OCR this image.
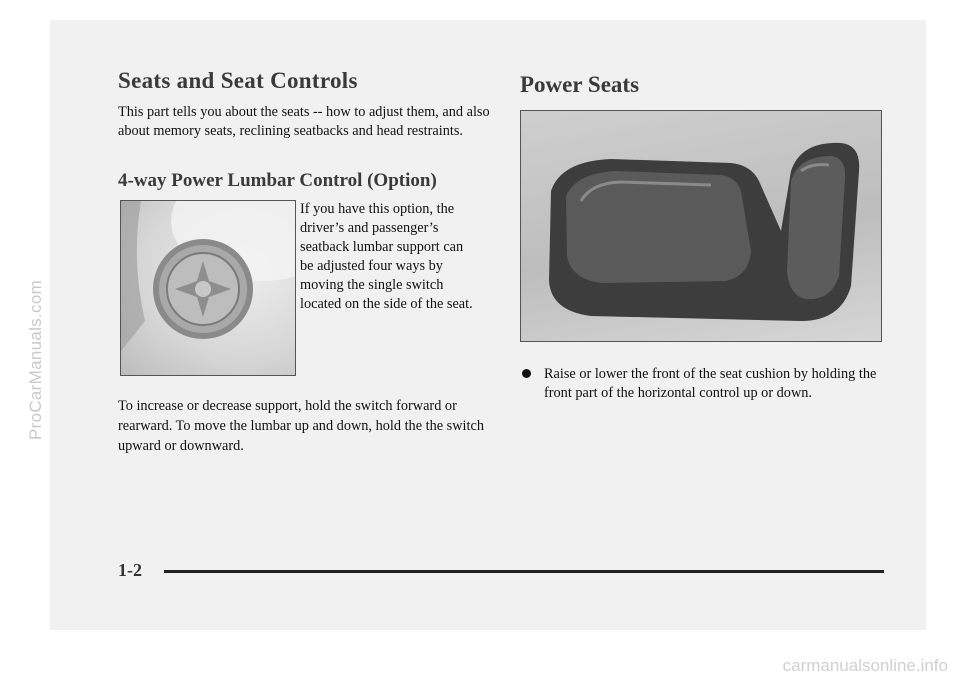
ProCarManuals.com
carmanualsonline.info
Seats and Seat Controls

This part tells you about the seats -- how to adjust them, and also about memory seats, reclining seatbacks and head restraints.

4-way Power Lumbar Control (Option)

If you have this option, the driver’s and passenger’s seatback lumbar support can be adjusted four ways by moving the single switch located on the side of the seat.

To increase or decrease support, hold the switch forward or rearward. To move the lumbar up and down, hold the the switch upward or downward.

Power Seats
Raise or lower the front of the seat cushion by holding the front part of the horizontal control up or down.
1-2
